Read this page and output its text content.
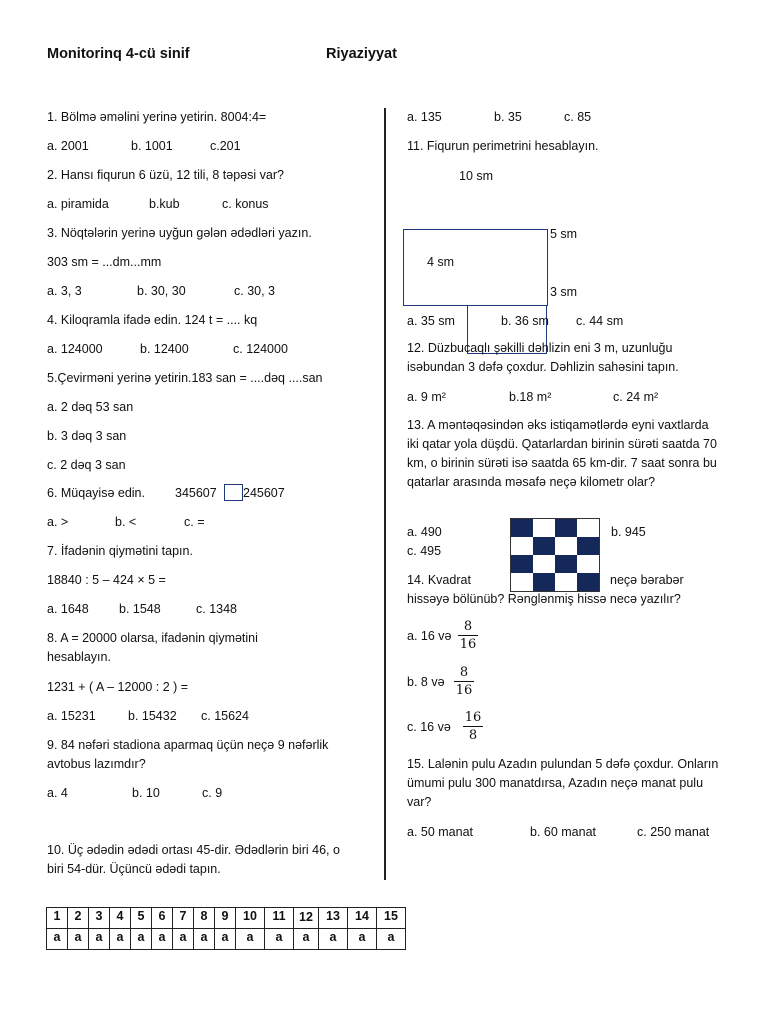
Monitorinq 4-cü sinif	Riyaziyyat
1. Bölmə əməlini yerinə yetirin. 8004:4=
a. 2001	b. 1001	c.201
2. Hansı fiqurun 6 üzü, 12 tili, 8 təpəsi var?
a. piramida	b.kub	c. konus
3. Nöqtələrin yerinə uyğun gələn ədədləri yazın.
303 sm = ...dm...mm
a. 3, 3	b. 30, 30	c. 30, 3
4. Kiloqramla ifadə edin. 124 t = .... kq
a. 124000	b. 12400	c. 124000
5.Çevirməni yerinə yetirin.183 san = ....dəq ....san
a. 2 dəq 53 san
b. 3 dəq 3 san
c. 2 dəq 3 san
6. Müqayisə edin. 345607 245607
a. >	b. <	c. =
7. İfadənin qiymətini tapın.
18840 : 5 – 424 × 5 =
a. 1648 b. 1548	c. 1348
8. A = 20000 olarsa, ifadənin qiymətini hesablayın.
1231 + ( A – 12000 : 2 ) =
a. 15231	b. 15432 c. 15624
9. 84 nəfəri stadiona aparmaq üçün neçə 9 nəfərlik avtobus lazımdır?
a. 4	b. 10	c. 9
10. Üç ədədin ədədi ortası 45-dir. Ədədlərin biri 46, o biri 54-dür. Üçüncü ədədi tapın.
a. 135	b. 35	c. 85
11. Fiqurun perimetrini hesablayın.
10 sm
4 sm
5 sm
3 sm
a. 35 sm	b. 36 sm c. 44 sm
12. Düzbucaqlı şəkilli dəhlizin eni 3 m, uzunluğu isəbundan 3 dəfə çoxdur. Dəhlizin sahəsini tapın.
a. 9 m²	b.18 m²	c. 24 m²
13. A məntəqəsindən əks istiqamətlərdə eyni vaxtlarda iki qatar yola düşdü. Qatarlardan birinin sürəti saatda 70 km, o birinin sürəti isə saatda 65 km-dir. 7 saat sonra bu qatarlar arasında məsafə neçə kilometr olar?
a. 490	b. 945
c. 495
14. Kvadrat	neçə bərabər
hissəyə bölünüb? Rənglənmiş hissə necə yazılır?
a. 16 və
8
16
b. 8 və
8
16
c. 16 və
16
8
15. Lalənin pulu Azadın pulundan 5 dəfə çoxdur. Onların ümumi pulu 300 manatdırsa, Azadın neçə manat pulu var?
a. 50 manat	b. 60 manat	c. 250 manat
1	2	3	4	5	6	7	8	9	10	11	12	13	14	15
a	a	a	a	a	a	a	a	a	a	a	a	a	a	a
